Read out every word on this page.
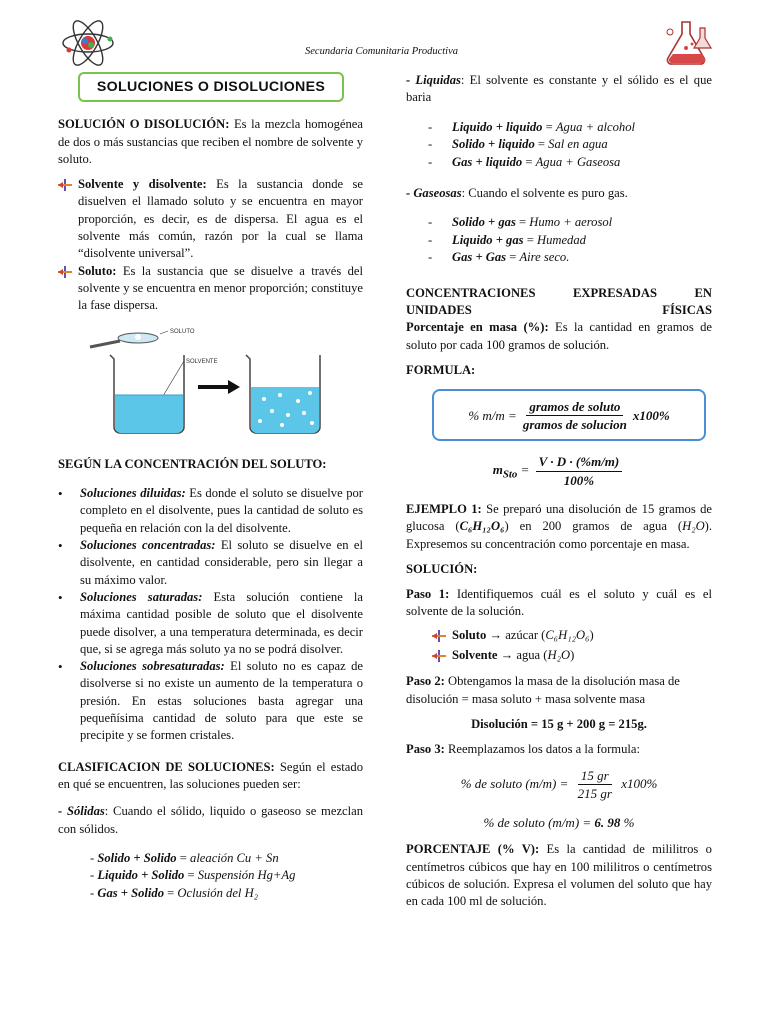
Secundaria Comunitaria Productiva
SOLUCIONES O DISOLUCIONES

SOLUCIÓN O DISOLUCIÓN: Es la mezcla homogénea de dos o más sustancias que reciben el nombre de solvente y soluto.

Solvente y disolvente: Es la sustancia donde se disuelven el llamado soluto y se encuentra en mayor proporción, es decir, es de dispersa. El agua es el solvente más común, razón por la cual se llama “disolvente universal”.
Soluto: Es la sustancia que se disuelve a través del solvente y se encuentra en menor proporción; constituye la fase dispersa.
SOLUTO
SOLVENTE

SEGÚN LA CONCENTRACIÓN DEL SOLUTO:

•	Soluciones diluidas: Es donde el soluto se disuelve por completo en el disolvente, pues la cantidad de soluto es pequeña en relación con la del disolvente.
•	Soluciones concentradas: El soluto se disuelve en el disolvente, en cantidad considerable, pero sin llegar a su máximo valor.
•	Soluciones saturadas: Esta solución contiene la máxima cantidad posible de soluto que el disolvente puede disolver, a una temperatura determinada, es decir que, si se agrega más soluto ya no se podrá disolver.
•	Soluciones sobresaturadas: El soluto no es capaz de disolverse si no existe un aumento de la temperatura o presión. En estas soluciones basta agregar una pequeñísima cantidad de soluto para que este se precipite y se formen cristales.

CLASIFICACION DE SOLUCIONES: Según el estado en qué se encuentren, las soluciones pueden ser:

- Sólidas: Cuando el sólido, liquido o gaseoso se mezclan con sólidos.

- Solido + Solido = aleación Cu + Sn
- Liquido + Solido = Suspensión Hg+Ag
- Gas + Solido = Oclusión del H₂

- Liquidas: El solvente es constante y el sólido es el que baria

-	Liquido + liquido = Agua + alcohol
-	Solido + liquido = Sal en agua
-	Gas + liquido = Agua + Gaseosa

- Gaseosas: Cuando el solvente es puro gas.

-	Solido + gas = Humo + aerosol
-	Liquido + gas = Humedad
-	Gas + Gas = Aire seco.

CONCENTRACIONES EXPRESADAS EN UNIDADES FÍSICAS

Porcentaje en masa (%): Es la cantidad en gramos de soluto por cada 100 gramos de solución.

FORMULA:

% $m/m = \frac{\text{gramos de soluto}}{\text{gramos de solucion}} x100\%$
$m_{Sto} = \frac{V \cdot D \cdot (\%m/m)}{100\%}$

EJEMPLO 1: Se preparó una disolución de 15 gramos de glucosa (C₆H₁₂O₆) en 200 gramos de agua (H₂O). Expresemos su concentración como porcentaje en masa.

SOLUCIÓN:

Paso 1: Identifiquemos cuál es el soluto y cuál es el solvente de la solución.

Soluto → azúcar (C₆H₁₂O₆)
Solvente → agua (H₂O)

Paso 2: Obtengamos la masa de la disolución masa de disolución = masa soluto + masa solvente masa

Disolución = 15 g + 200 g = 215g.

Paso 3: Reemplazamos los datos a la formula:

% de soluto $(m/m) = \frac{15 gr}{215 gr} x100\%$
% de soluto (m/m) = 6. 98 %

PORCENTAJE (% V): Es la cantidad de mililitros o centímetros cúbicos que hay en 100 mililitros o centímetros cúbicos de solución. Expresa el volumen del soluto que hay en cada 100 ml de solución.
